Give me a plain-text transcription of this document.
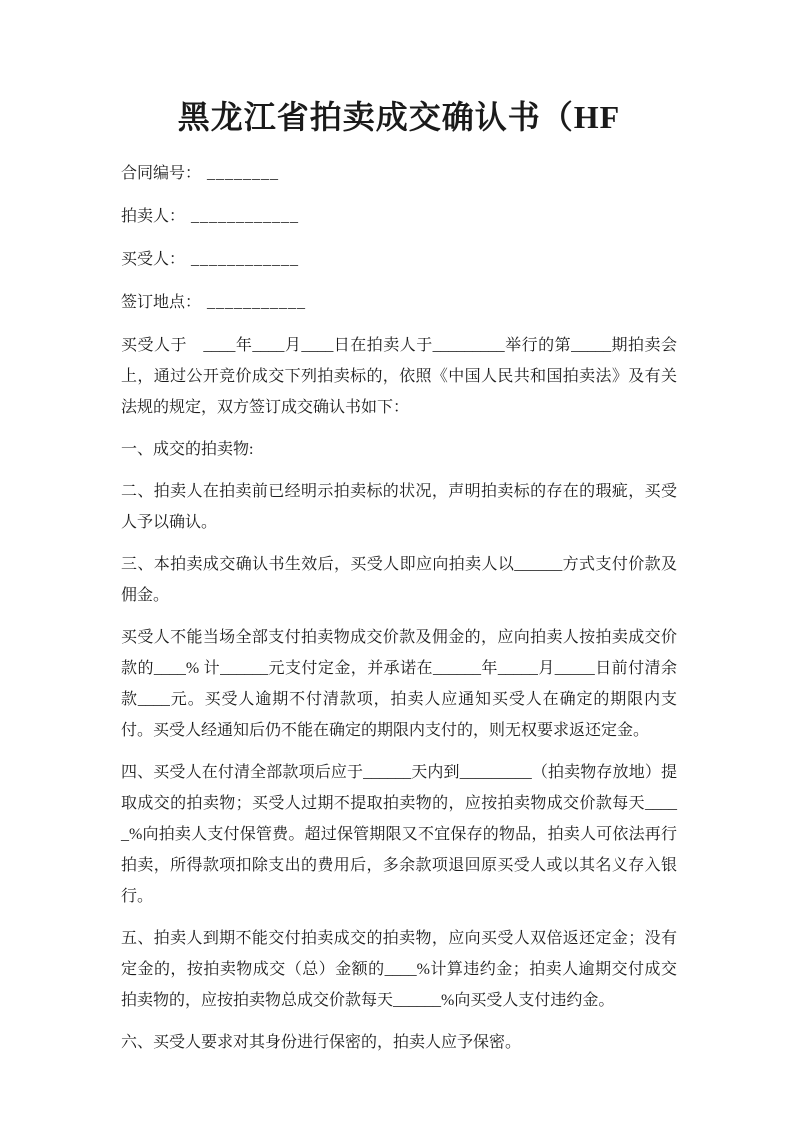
黑龙江省拍卖成交确认书（HF

合同编号： ________

拍卖人： ____________

买受人： ____________

签订地点： ___________

买受人于　____年____月____日在拍卖人于_________举行的第_____期拍卖会上，通过公开竞价成交下列拍卖标的，依照《中国人民共和国拍卖法》及有关法规的规定，双方签订成交确认书如下：

一、成交的拍卖物:

二、拍卖人在拍卖前已经明示拍卖标的状况，声明拍卖标的存在的瑕疵，买受人予以确认。

三、本拍卖成交确认书生效后，买受人即应向拍卖人以______方式支付价款及佣金。

买受人不能当场全部支付拍卖物成交价款及佣金的，应向拍卖人按拍卖成交价款的____% 计______元支付定金，并承诺在______年_____月_____日前付清余款____元。买受人逾期不付清款项，拍卖人应通知买受人在确定的期限内支付。买受人经通知后仍不能在确定的期限内支付的，则无权要求返还定金。

四、买受人在付清全部款项后应于______天内到_________（拍卖物存放地）提取成交的拍卖物；买受人过期不提取拍卖物的，应按拍卖物成交价款每天_____%向拍卖人支付保管费。超过保管期限又不宜保存的物品，拍卖人可依法再行拍卖，所得款项扣除支出的费用后，多余款项退回原买受人或以其名义存入银行。

五、拍卖人到期不能交付拍卖成交的拍卖物，应向买受人双倍返还定金；没有定金的，按拍卖物成交（总）金额的____%计算违约金；拍卖人逾期交付成交拍卖物的，应按拍卖物总成交价款每天______%向买受人支付违约金。

六、买受人要求对其身份进行保密的，拍卖人应予保密。
